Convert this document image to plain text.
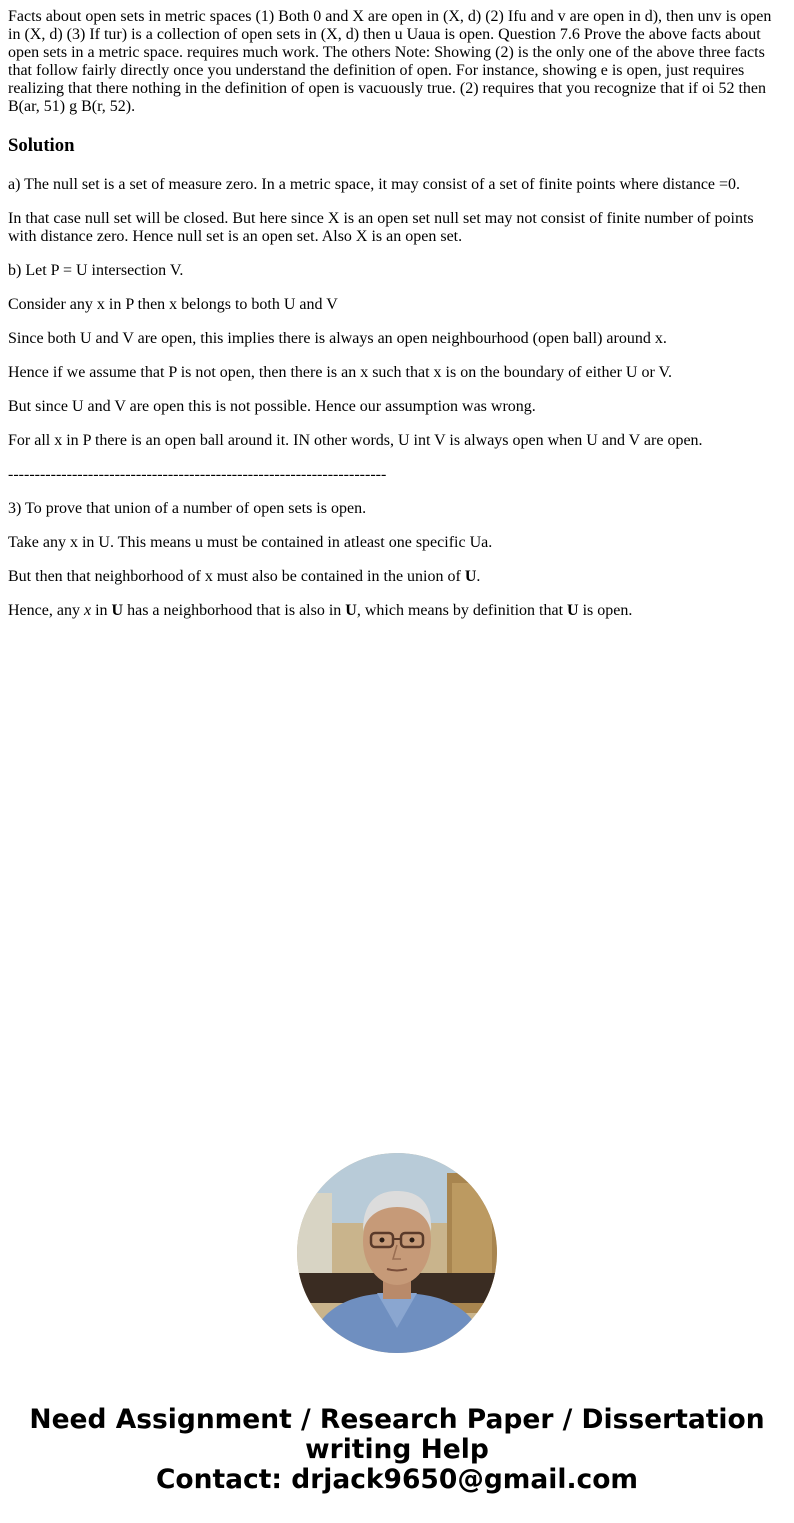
Facts about open sets in metric spaces (1) Both 0 and X are open in (X, d) (2) Ifu and v are open in d), then unv is open in (X, d) (3) If tur) is a collection of open sets in (X, d) then u Uaua is open. Question 7.6 Prove the above facts about open sets in a metric space. requires much work. The others Note: Showing (2) is the only one of the above three facts that follow fairly directly once you understand the definition of open. For instance, showing e is open, just requires realizing that there nothing in the definition of open is vacuously true. (2) requires that you recognize that if oi 52 then B(ar, 51) g B(r, 52).

Solution

a) The null set is a set of measure zero. In a metric space, it may consist of a set of finite points where distance =0.

In that case null set will be closed. But here since X is an open set null set may not consist of finite number of points with distance zero. Hence null set is an open set. Also X is an open set.

b) Let P = U intersection V.

Consider any x in P then x belongs to both U and V

Since both U and V are open, this implies there is always an open neighbourhood (open ball) around x.

Hence if we assume that P is not open, then there is an x such that x is on the boundary of either U or V.

But since U and V are open this is not possible. Hence our assumption was wrong.

For all x in P there is an open ball around it. IN other words, U int V is always open when U and V are open.

-----------------------------------------------------------------------

3) To prove that union of a number of open sets is open.

Take any x in U. This means u must be contained in atleast one specific Ua.

But then that neighborhood of x must also be contained in the union of U.

Hence, any x in U has a neighborhood that is also in U, which means by definition that U is open.

Need Assignment / Research Paper / Dissertation
writing Help
Contact: drjack9650@gmail.com
